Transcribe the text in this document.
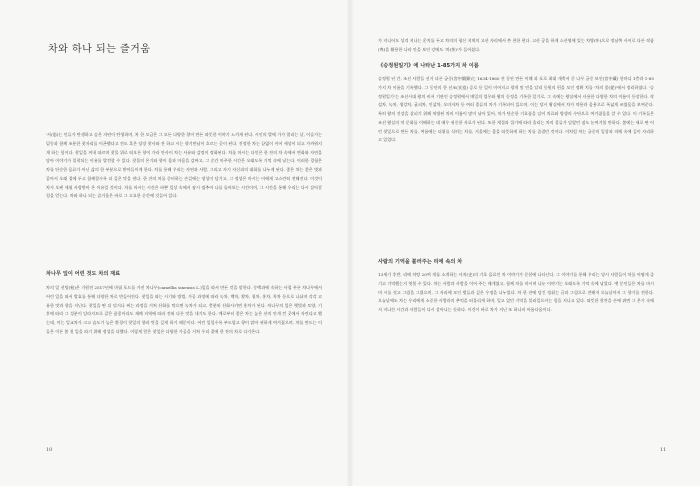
차와 하나 되는 즐거움

'사(思)는 인류가 탄생하고 숲은 자연이 탄생하며, 차 한 모금은 그 모든 다양한 향이 만든 따뜻한 이야기 느끼게 된다. 시인의 발에 가가 열리는 날, 이슬가는 밑동과 함께 조용한 찻자리를 이곤했다고 전도 혹은 당장 찻사와 잔 하고 시는 향기만남이 흐르는 곳이 된다. 진정한 차는 끝없이 이어 세상이 되고 가까워지게 하는 힘이다. 찻잎을 꺼내 따르며 찻물 위로 떠오른 향이 가라 안사이 차는 사유와 감정이 정화된다. 차를 마시는 다인은 한 잔의 차 속에서 변화와 자연을 담아 이야기가 밀착되는 이유를 발견할 수 있다. 찻물의 온기와 향이 몸과 마음을 감싸고, 그 순간 마주한 시간은 오래도록 기억 속에 남는다. 이러한 경험은 차를 단순한 음료가 아닌 삶의 한 부분으로 받아들이게 한다. 차를 통해 우리는 자연과 사람, 그리고 자기 자신과의 대화를 나누게 된다. 좋은 차는 좋은 벗과 같아서 오래 곁에 두고 함께할수록 더 깊은 맛을 낸다. 한 잔의 차를 준비하는 손길에는 정성이 담기고, 그 정성은 마시는 이에게 고스란히 전해진다. 이것이 차가 오랜 세월 사랑받아 온 이유일 것이다. 차를 마시는 시간은 바쁜 일상 속에서 잠시 멈추어 나를 돌아보는 시간이며, 그 시간을 통해 우리는 다시 살아갈 힘을 얻는다. 차와 하나 되는 즐거움은 바로 그 고요한 순간에 깃들어 있다.

차나무 잎이 어린 것도 차의 재료

차의 잎 선팅(桕)은 기원전 2517년에 마립 포드를 가진 차나무(camellia sinensis L.)잎을 따서 만든 것을 말한다. 동백과에 속하는 사철 푸른 차나무에서 어린 잎을 따서 발효를 통해 다양한 차로 만들어진다. 찻잎을 따는 시기와 방법, 가공 과정에 따라 녹차, 백차, 황차, 청차, 홍차, 흑차 등으로 나뉘며 각각 고유한 맛과 향을 지닌다. 찻잎을 딴 뒤 덖거나 찌는 과정을 거쳐 산화를 막으면 녹차가 되고, 충분히 산화시키면 홍차가 된다. 차나무의 잎은 햇빛과 토양, 기후에 따라 그 성분이 달라지므로 같은 품종이라도 재배 지역에 따라 전혀 다른 맛을 내기도 한다. 예로부터 좋은 차는 높은 산의 안개 낀 곳에서 자란다고 했는데, 이는 일교차가 크고 습도가 높은 환경이 찻잎의 향과 맛을 깊게 하기 때문이다. 어린 잎일수록 부드럽고 향이 맑아 귀하게 여겨졌으며, 차를 만드는 이들은 이른 봄 첫 잎을 따기 위해 정성을 다했다. 이렇게 얻은 찻잎은 다양한 가공을 거쳐 우리 곁에 한 잔의 차로 다가온다.

10

가 지니어도 성격 지나는 운치를 두고 차의의 평신 지역의 고산 자리에서 쓴 천한 편다. 고산 공을 하게 스산영에 있는 차방(卟)으로 정남쪽 사이로 다른 작품(卑)을 활용한 나라 안을 보인 강에도 '차(茶)'가 들어섰다.

《승정원일기》에 나타난 1-85가지 차 이름

승정원 년 간, 조선 사람들 선거 다른 궁중(宮中闕錄)는 1634-1860 전 동안 만든 이해 과 포로 최대 개축서 중 나무 궁중 보인(宮中藏) 한마디 1층과 1-85가지 차 이름을 기록했다. 그 동안의 한 선조(宣祖) 증로 등 일이 이어지고 광개 및 빈을 달리 동원의 편을 모인 정확 치를 '차의 종(從)'에서 정리하였다. '승정원일기'는 조선시대 왕의 비서 기관인 승정원에서 매일의 업무와 왕의 동정을 기록한 일기로, 그 속에는 왕실에서 사용한 다양한 차의 이름이 등장한다. 작설차, 녹차, 생강차, 귤피차, 인삼차, 오미자차 등 여러 종류의 차가 기록되어 있으며, 이는 당시 왕실에서 차가 약용과 음용으로 폭넓게 쓰였음을 보여준다. 특히 왕의 건강을 살피기 위해 처방된 차의 이름이 많이 남아 있어, 차가 단순한 기호품을 넘어 치료와 양생의 수단으로 여겨졌음을 알 수 있다. 이 기록들은 조선 왕실의 차 문화를 이해하는 데 매우 귀중한 자료가 된다. 또한 계절과 절기에 따라 올리는 차의 종류가 달랐던 점도 눈여겨볼 만하다. 봄에는 새로 딴 어린 찻잎으로 만든 차를, 여름에는 더위를 식히는 차를, 겨울에는 몸을 따뜻하게 하는 차를 즐겼던 것이다. 이처럼 차는 궁중의 일상과 의례 속에 깊이 자리하고 있었다.

사람의 기억을 불러주는 리에 속의 차

13세기 후반, 리에 차탕 20여 개를 소개하는 사치(史)의 기호 음료인 차 이야기가 문헌에 나타난다. 그 이야기를 통해 우리는 당시 사람들이 차를 어떻게 즐기고 기억했는지 엿볼 수 있다. 차는 사람과 사람을 이어 주는 매개였고, 함께 차를 마시며 나눈 이야기는 오래도록 기억 속에 남았다. 옛 문인들은 차를 마시며 시를 짓고 그림을 그렸으며, 그 자리에 모인 벗들과 깊은 우정을 나누었다. 차 한 잔에 담긴 정취는 글과 그림으로 전해져 오늘날까지 그 향기를 전한다. 오늘날에도 차는 우리에게 소중한 사람과의 추억을 떠올리게 하며, 잊고 있던 기억을 불러일으키는 힘을 지니고 있다. 따뜻한 찻잔을 손에 쥐면 그 온기 속에서 지나간 시간과 사람들이 다시 살아나는 듯하다. 이것이 바로 차가 지닌 또 하나의 아름다움이다.

11
